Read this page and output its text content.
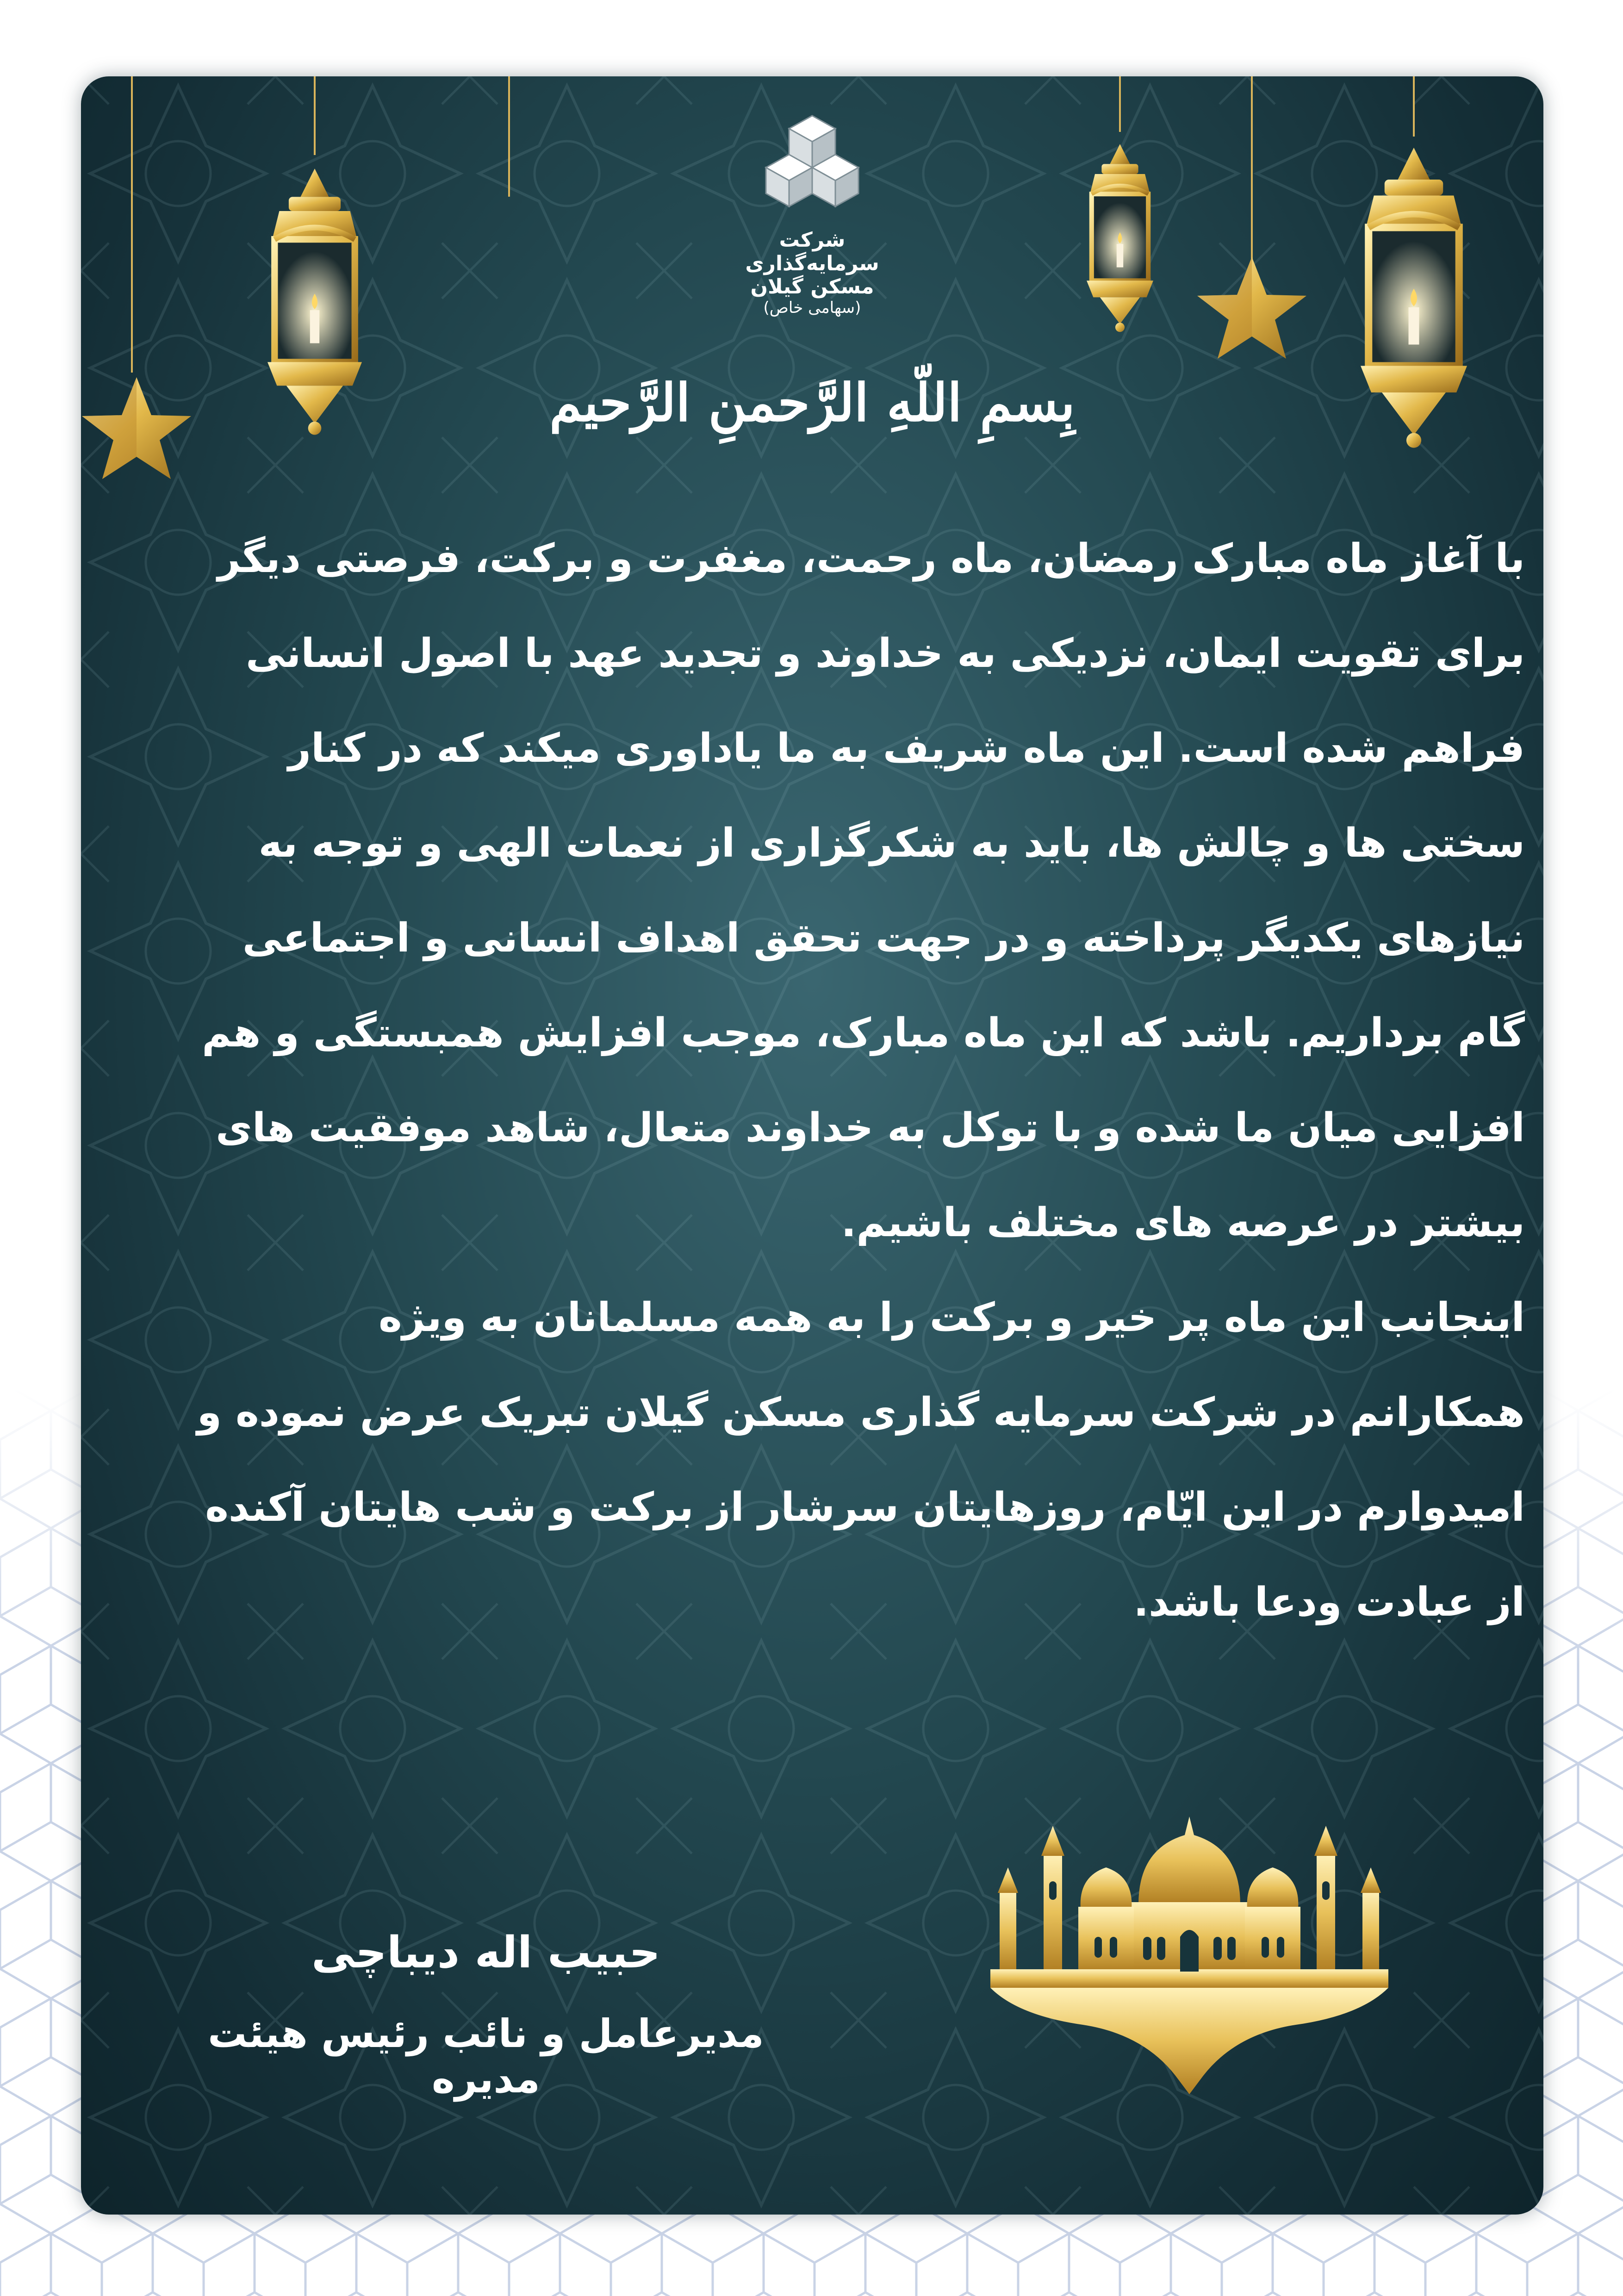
شرکت سرمایه‌گذاری
مسکن گیلان
(سهامی خاص)
بِسمِ اللّهِ الرَّحمنِ الرَّحیم

با آغاز ماه مبارک رمضان، ماه رحمت، مغفرت و برکت، فرصتی دیگر برای تقویت ایمان، نزدیکی به خداوند و تجدید عهد با اصول انسانی فراهم شده است. این ماه شریف به ما یاداوری میکند که در کنار سختی ها و چالش ها، باید به شکرگزاری از نعمات الهی و توجه به نیازهای یکدیگر پرداخته و در جهت تحقق اهداف انسانی و اجتماعی گام برداریم. باشد که این ماه مبارک، موجب افزایش همبستگی و هم افزایی میان ما شده و با توکل به خداوند متعال، شاهد موفقیت های بیشتر در عرصه های مختلف باشیم.

اینجانب این ماه پر خیر و برکت را به همه مسلمانان به ویژه همکارانم در شرکت سرمایه گذاری مسکن گیلان تبریک عرض نموده و امیدوارم در این ایّام، روزهایتان سرشار از برکت و شب هایتان آکنده از عبادت ودعا باشد.

حبیب اله دیباچی
مدیرعامل و نائب رئیس هیئت مدیره
